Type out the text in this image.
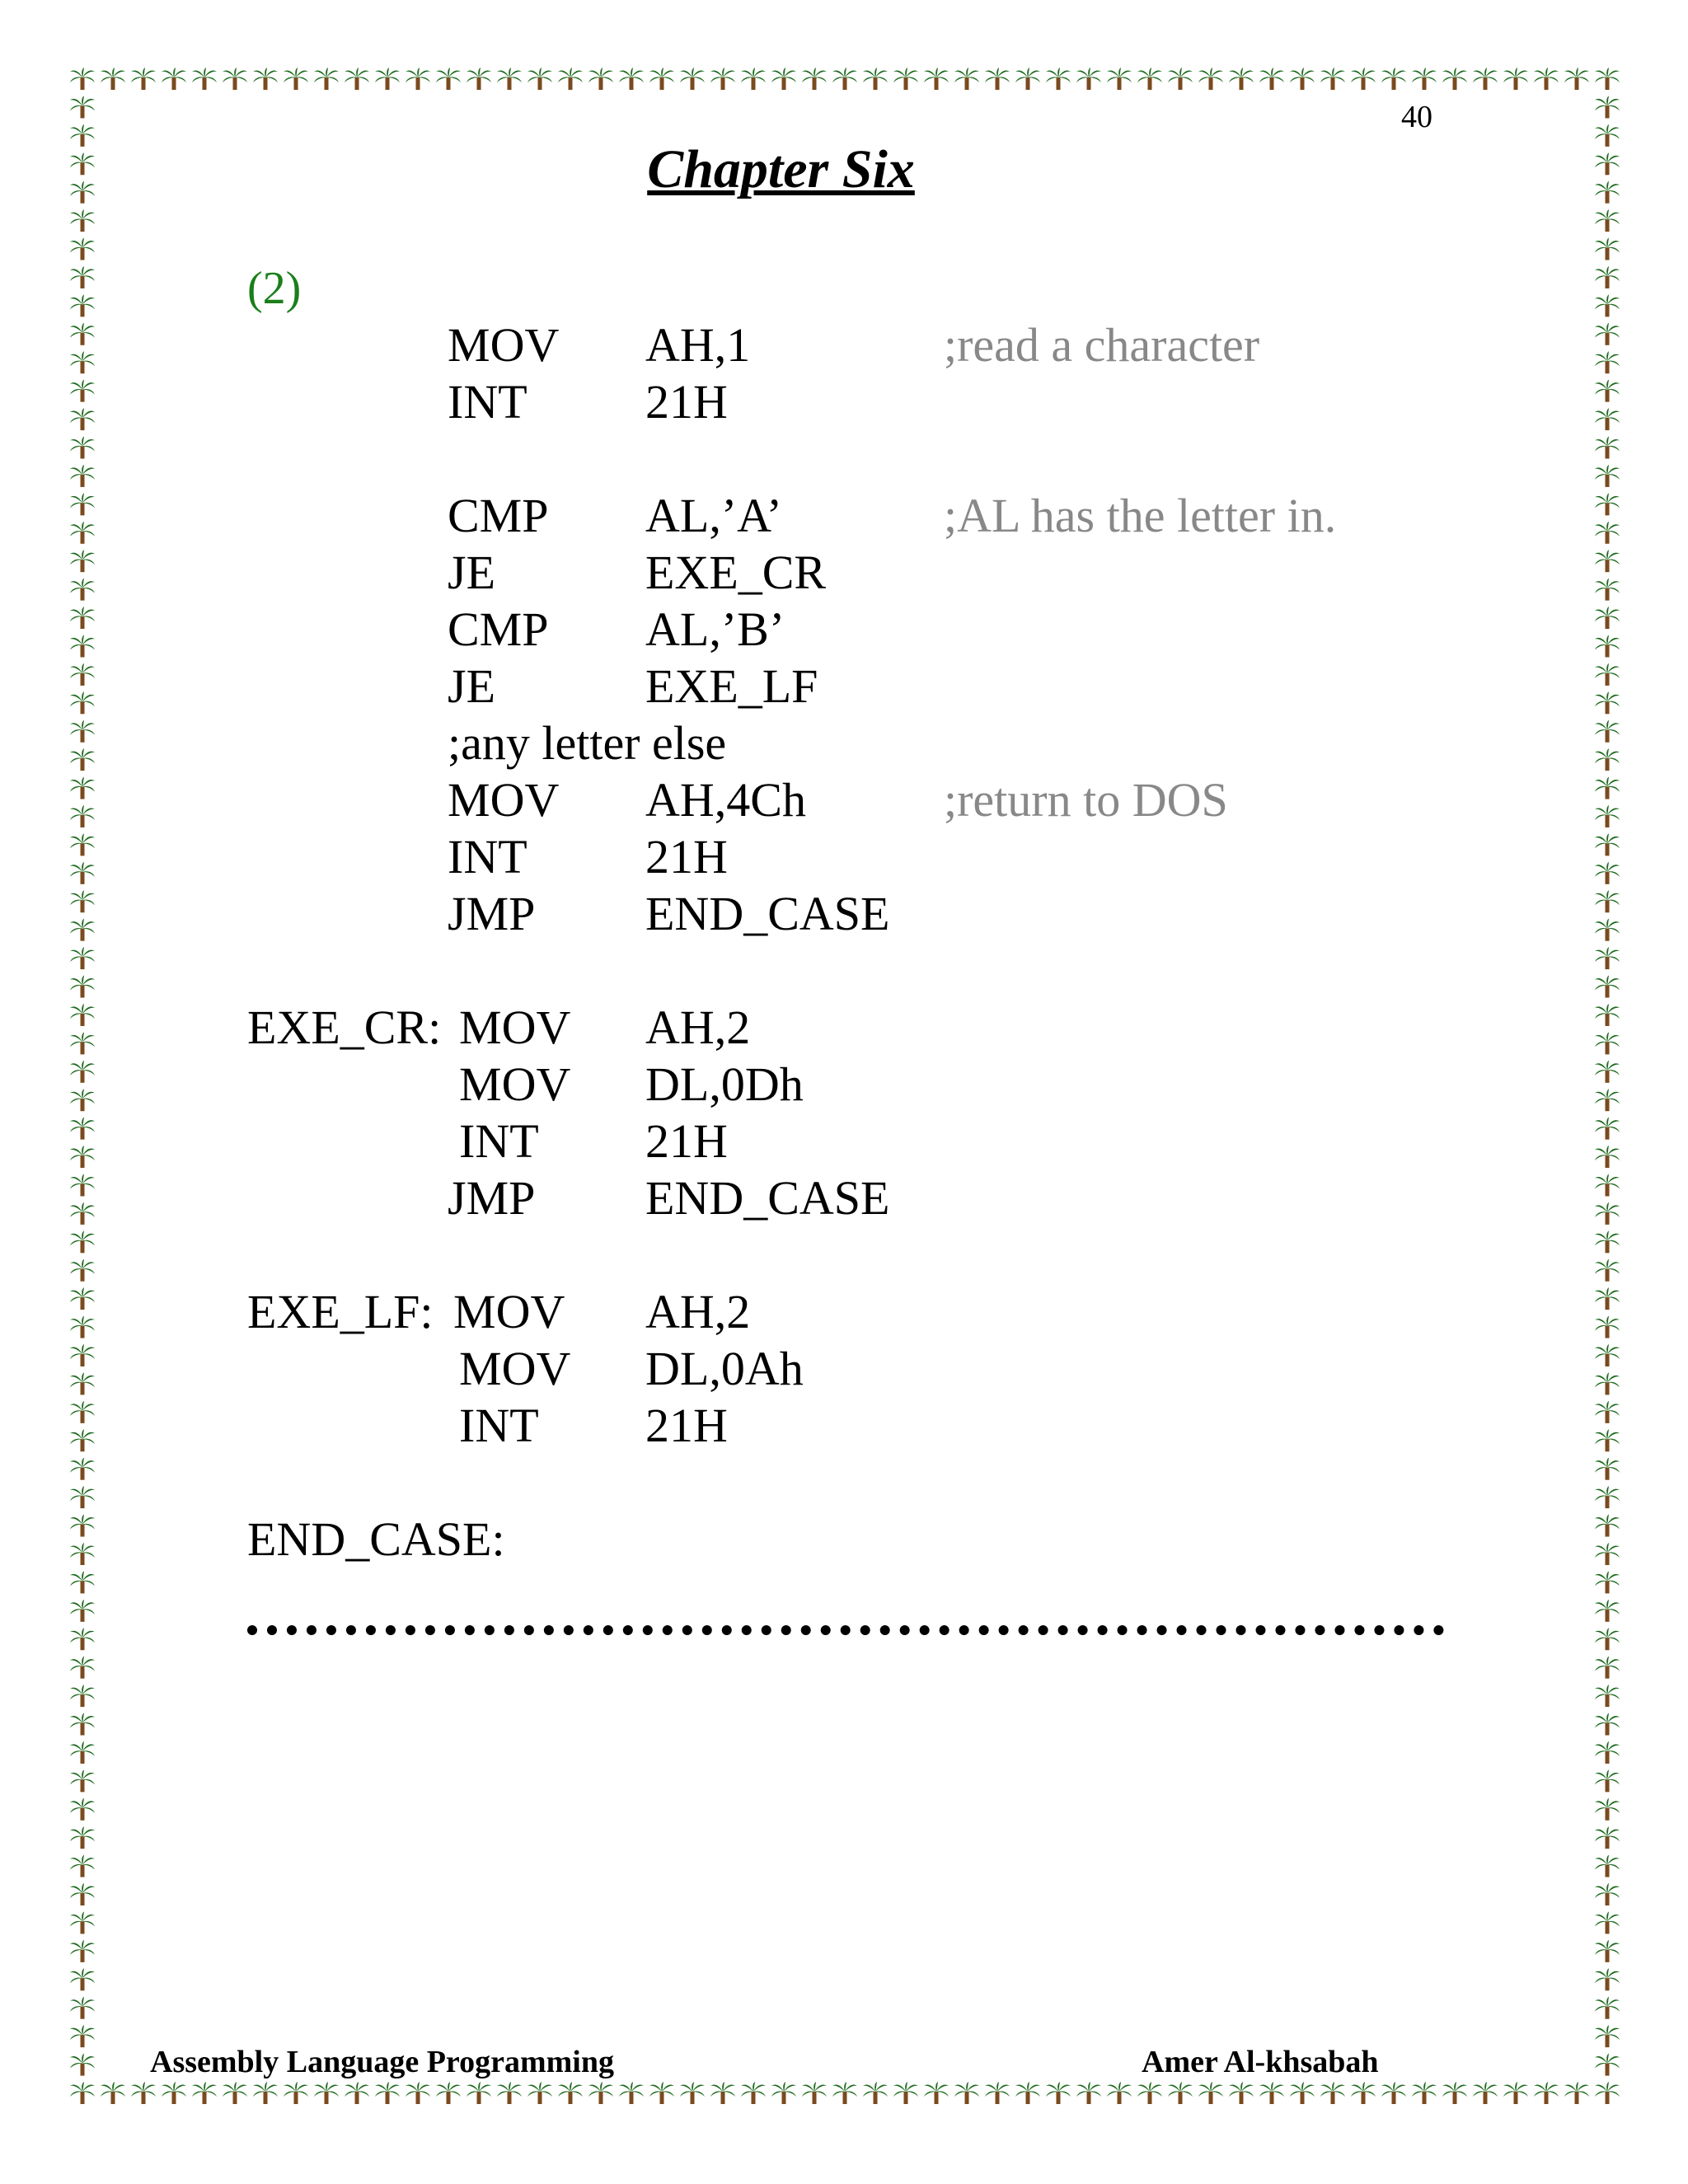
40
Chapter Six
(2)
MOV AH,1	;read a character
INT 21H
CMP AL,’A’	;AL has the letter in.
JE	EXE_CR
CMP AL,’B’
JE	EXE_LF
;any letter else
MOV AH,4Ch	;return to DOS
INT 21H
JMP END_CASE
EXE_CR: MOV AH,2
MOV DL,0Dh
INT 21H
JMP END_CASE
EXE_LF: MOV AH,2
MOV DL,0Ah
INT 21H
END_CASE:
Assembly Language Programming	Amer Al-khsabah
